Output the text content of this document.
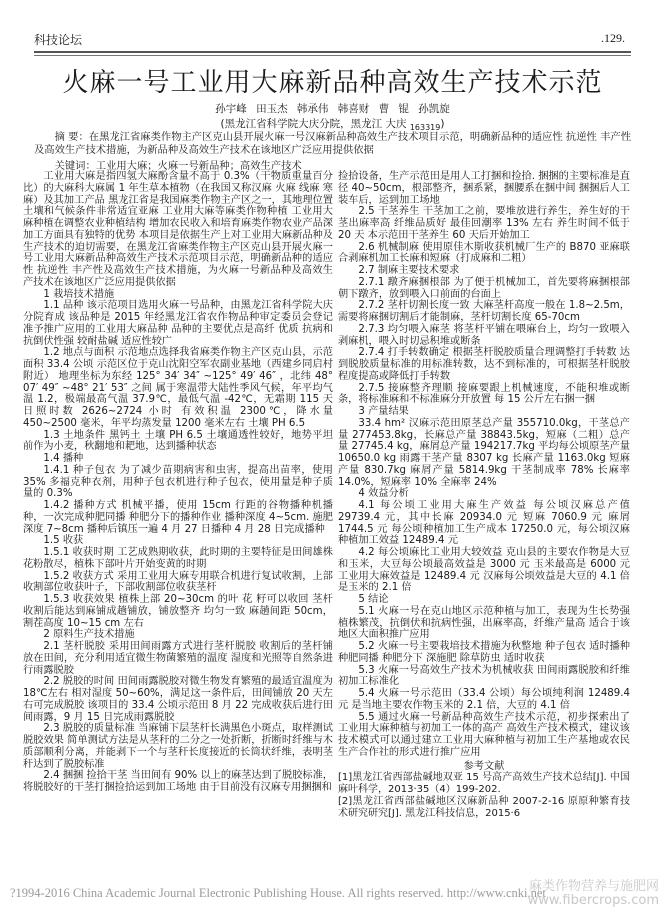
科技论坛	.129.
火麻一号工业用大麻新品种高效生产技术示范
孙宇峰 田玉杰 韩承伟 韩喜财 曹 锟 孙凯旋
(黑龙江省科学院大庆分院，黑龙江 大庆 $_{163319}$)
摘 要：在黑龙江省麻类作物主产区克山县开展火麻一号汉麻新品种高效生产技术项目示范，明确新品种的适应性 抗逆性 丰产性及高效生产技术措施，为新品种及高效生产技术在该地区广泛应用提供依据
关键词：工业用大麻；火麻一号新品种；高效生产技术

工业用大麻是指四氢大麻酚含量不高于 0.3%（干物质重量百分比）的大麻科大麻属 1 年生草本植物（在我国又称汉麻 火麻 线麻 寒麻）及其加工产品 黑龙江省是我国麻类作物主产区之一，其地理位置 土壤和气候条件非常适宜亚麻 工业用大麻等麻类作物种植 工业用大麻种植在调整农业种植结构 增加农民收入和培育麻类作物农业产品深加工方面具有独特的优势 本项目是依据生产上对工业用大麻新品种及生产技术的迫切需要，在黑龙江省麻类作物主产区克山县开展火麻一号工业用大麻新品种高效生产技术示范项目示范，明确新品种的适应性 抗逆性 丰产性及高效生产技术措施，为火麻一号新品种及高效生产技术在该地区广泛应用提供依据

1 栽培技术措施

1.1 品种 该示范项目选用火麻一号品种，由黑龙江省科学院大庆分院育成 该品种是 2015 年经黑龙江省农作物品种审定委员会登记准予推广应用的工业用大麻品种 品种的主要优点是高纤 优质 抗病和抗倒伏性强 较耐盐碱 适应性较广

1.2 地点与面积 示范地点选择我省麻类作物主产区克山县，示范面积 33.4 公顷 示范区位于克山沈阳空军农副业基地（西建乡同启村附近） 地理坐标为东经 125° 34′ 34″ ~125° 49′ 46″ ，北纬 48° 07′ 49″ ~48° 21′ 53″ 之间 属于寒温带大陆性季风气候，年平均气温 1.2，极端最高气温 37.9℃，最低气温 -42℃，无霜期 115 天 日照时数 2626~2724 小时 有效积温 2300℃，降水量 450~2500 毫米，年平均蒸发量 1200 毫米左右 土壤 PH 6.5

1.3 土地条件 黑钙土 土壤 PH 6.5 土壤通透性较好，地势平坦 前作为小麦，秋翻地和耙地，达到播种状态

1.4 播种

1.4.1 种子包衣 为了减少苗期病害和虫害，提高出苗率，使用 35% 多福克种衣剂，用种子包衣机进行种子包衣，使用量是种子质量的 0.3%

1.4.2 播种方式 机械平播，使用 15cm 行距的谷物播种机播种，一次完成种肥同播 种肥分下的播种作业 播种深度 4~5cm. 施肥深度 7~8cm 播种后镇压一遍 4 月 27 日播种 4 月 28 日完成播种

1.5 收获

1.5.1 收获时期 工艺成熟期收获，此时期的主要特征是田间雄株花粉散尽，植株下部叶片开始变黄的时期

1.5.2 收获方式 采用工业用大麻专用联合机进行复试收割，上部收割部位收获叶子，下部收割部位收获茎杆

1.5.3 收获效果 植株上部 20~30cm 的叶 花 籽可以收回 茎杆收割后能达到麻铺成趟铺放，铺放整齐 均匀一致 麻趟间距 50cm，割茬高度 10~15 cm 左右

2 原料生产技术措施

2.1 茎杆脱胶 采用田间雨露方式进行茎杆脱胶 收割后的茎杆铺放在田间，充分利用适宜微生物菌繁殖的温度 湿度和光照等自然条进行雨露脱胶

2.2 脱胶的时间 田间雨露脱胶对微生物发育繁殖的最适宜温度为 18℃左右 相对湿度 50~60%，满足这一条件后，田间铺放 20 天左右可完成脱胶 该项目的 33.4 公顷示范田 8 月 22 完成收获后进行田间雨露，9 月 15 日完成雨露脱胶

2.3 脱胶的质量标准 当麻铺下层茎杆长满黑色小斑点，取样测试脱胶效果 简单测试方法是从茎秆的二分之一处折断，折断时纤维与木质部顺利分离，并能剥下一个与茎秆长度接近的长筒状纤维，表明茎秆达到了脱胶标准

2.4 捆捆 捡拾干茎 当田间有 90% 以上的麻茎达到了脱胶标准，将脱胶好的干茎打捆捡拾运到加工场地 由于目前没有汉麻专用捆捆和

捡拾设备，生产示范田是用人工打捆和捡拾. 捆捆的主要标准是直径 40~50cm，根部整齐，捆系紧，捆腰系在捆中间 捆捆后人工装车后，运到加工场地

2.5 干茎养生 干茎加工之前，要堆放进行养生，养生好的干茎出麻率高 纤维品质好 最佳回潮率 13% 左右 养生时间不低于 20 天 本示范田干茎养生 60 天后开始加工

2.6 机械制麻 使用原佳木斯收获机械厂生产的 B870 亚麻联合剥麻机加工长麻和短麻（打成麻和二粗）

2.7 制麻主要技术要求

2.7.1 蹾齐麻捆根部 为了便于机械加工，首先要将麻捆根部朝下蹾齐，放到喂入口前面的台面上

2.7.2 茎杆切割长度一致 大麻茎杆高度一般在 1.8~2.5m，需要将麻捆切割后才能制麻，茎杆切割长度 65-70cm

2.7.3 均匀喂入麻茎 将茎杆平铺在喂麻台上，均匀一致喂入剥麻机，喂入时切忌积堆或断条

2.7.4 打手转数确定 根据茎杆脱胶质量合理调整打手转数 达到脱胶质量标准的用标准转数，达不到标准的，可根据茎杆脱胶程度提高或降低打手转数

2.7.5 接麻整齐理顺 接麻要跟上机械速度，不能积堆或断条，将标准麻和不标准麻分开放置 每 15 公斤左右捆一捆

3 产量结果

33.4 hm² 汉麻示范田原茎总产量 355710.0kg，干茎总产量 277453.8kg，长麻总产量 38843.5kg，短麻（二粗）总产量 27745.4 kg，麻屑总产量 194217.7kg 平均每公顷原茎产量 10650.0 kg 雨露干茎产量 8307 kg 长麻产量 1163.0kg 短麻产量 830.7kg 麻屑产量 5814.9kg 干茎制成率 78% 长麻率 14.0%，短麻率 10% 全麻率 24%

4 效益分析

4.1 每公顷工业用大麻生产效益 每公顷汉麻总产值 29739.4 元，其中长麻 20934.0 元 短麻 7060.9 元 麻屑 1744.5 元 每公顷种植加工生产成本 17250.0 元，每公顷汉麻种植加工效益 12489.4 元

4.2 每公顷麻比工业用大较效益 克山县的主要农作物是大豆和玉米，大豆每公顷最高效益是 3000 元 玉米最高是 6000 元 工业用大麻效益是 12489.4 元 汉麻每公顷效益是大豆的 4.1 倍 是玉米的 2.1 倍

5 结论

5.1 火麻一号在克山地区示范种植与加工，表现为生长势强 植株繁茂，抗倒伏和抗病性强，出麻率高，纤维产量高 适合于该地区大面积推广应用

5.2 火麻一号主要栽培技术措施为秋整地 种子包衣 适时播种 种肥同播 种肥分下 深施肥 除草防虫 适时收获

5.3 火麻一号高效生产技术为机械收获 田间雨露脱胶和纤维初加工标准化

5.4 火麻一号示范田（33.4 公顷）每公顷纯利润 12489.4 元 是当地主要农作物玉米的 2.1 倍，大豆的 4.1 倍

5.5 通过火麻一号新品种高效生产技术示范，初步探索出了工业用大麻种植与初加工一体的高产 高效生产技术模式，建议该技术模式可以通过建立工业用大麻种植与初加工生产基地或农民生产合作社的形式进行推广应用

参考文献
[1]黑龙江省西部盐碱地双亚 15 号高产高效生产技术总结[J]. 中国麻叶科学，2013·35（4）199-202.
[2]黑龙江省西部盐碱地区汉麻新品种 2007-2-16 原原种繁育技术研究研究[J]. 黑龙江科技信息，2015·6
?1994-2016 China Academic Journal Electronic Publishing House. All rights reserved. http://www.cnki.net
麻类作物营养与施肥网
www.fibercrops.com
